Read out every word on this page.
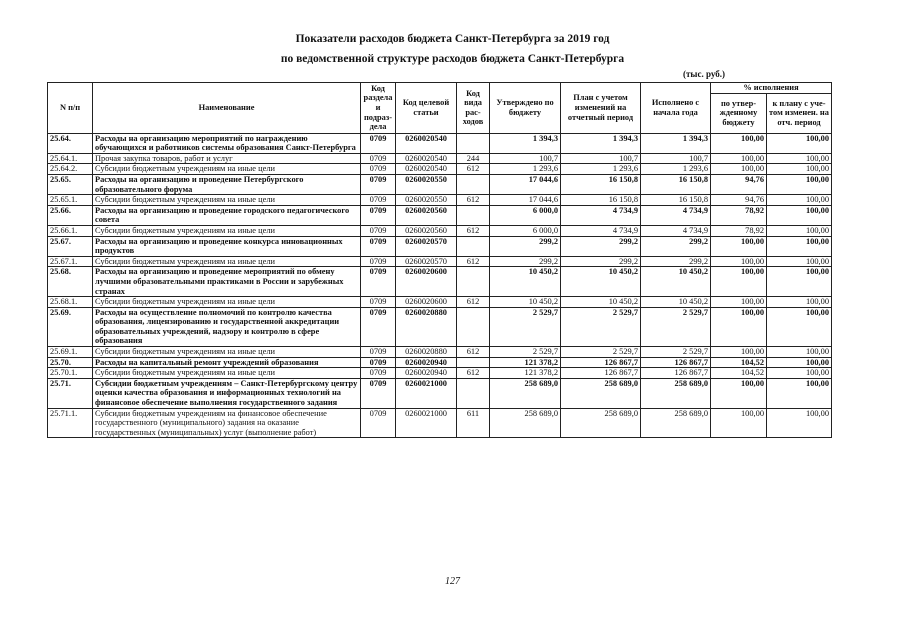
Показатели расходов бюджета Санкт-Петербурга за 2019 год
по ведомственной структуре расходов бюджета Санкт-Петербурга
(тыс. руб.)
N п/п	Наименование	Код раздела и подраз-дела	Код целевой статьи	Код вида рас-ходов	Утверждено по бюджету	План с учетом изменений на отчетный период	Исполнено с начала года	% исполнения	
								по утвер-жденному бюджету	к плану с уче-том изменен. на отч. период
25.64.	Расходы на организацию мероприятий по награждению обучающихся и работников системы образования Санкт-Петербурга	0709	0260020540		1 394,3	1 394,3	1 394,3	100,00	100,00
25.64.1.	Прочая закупка товаров, работ и услуг	0709	0260020540	244	100,7	100,7	100,7	100,00	100,00
25.64.2.	Субсидии бюджетным учреждениям на иные цели	0709	0260020540	612	1 293,6	1 293,6	1 293,6	100,00	100,00
25.65.	Расходы на организацию и проведение Петербургского образовательного форума	0709	0260020550		17 044,6	16 150,8	16 150,8	94,76	100,00
25.65.1.	Субсидии бюджетным учреждениям на иные цели	0709	0260020550	612	17 044,6	16 150,8	16 150,8	94,76	100,00
25.66.	Расходы на организацию и проведение городского педагогического совета	0709	0260020560		6 000,0	4 734,9	4 734,9	78,92	100,00
25.66.1.	Субсидии бюджетным учреждениям на иные цели	0709	0260020560	612	6 000,0	4 734,9	4 734,9	78,92	100,00
25.67.	Расходы на организацию и проведение конкурса инновационных продуктов	0709	0260020570		299,2	299,2	299,2	100,00	100,00
25.67.1.	Субсидии бюджетным учреждениям на иные цели	0709	0260020570	612	299,2	299,2	299,2	100,00	100,00
25.68.	Расходы на организацию и проведение мероприятий по обмену лучшими образовательными практиками в России и зарубежных странах	0709	0260020600		10 450,2	10 450,2	10 450,2	100,00	100,00
25.68.1.	Субсидии бюджетным учреждениям на иные цели	0709	0260020600	612	10 450,2	10 450,2	10 450,2	100,00	100,00
25.69.	Расходы на осуществление полномочий по контролю качества образования, лицензированию и государственной аккредитации образовательных учреждений, надзору и контролю в сфере образования	0709	0260020880		2 529,7	2 529,7	2 529,7	100,00	100,00
25.69.1.	Субсидии бюджетным учреждениям на иные цели	0709	0260020880	612	2 529,7	2 529,7	2 529,7	100,00	100,00
25.70.	Расходы на капитальный ремонт учреждений образования	0709	0260020940		121 378,2	126 867,7	126 867,7	104,52	100,00
25.70.1.	Субсидии бюджетным учреждениям на иные цели	0709	0260020940	612	121 378,2	126 867,7	126 867,7	104,52	100,00
25.71.	Субсидии бюджетным учреждениям – Санкт-Петербургскому центру оценки качества образования и информационных технологий на финансовое обеспечение выполнения государственного задания	0709	0260021000		258 689,0	258 689,0	258 689,0	100,00	100,00
25.71.1.	Субсидии бюджетным учреждениям на финансовое обеспечение государственного (муниципального) задания на оказание государственных (муниципальных) услуг (выполнение работ)	0709	0260021000	611	258 689,0	258 689,0	258 689,0	100,00	100,00
127
